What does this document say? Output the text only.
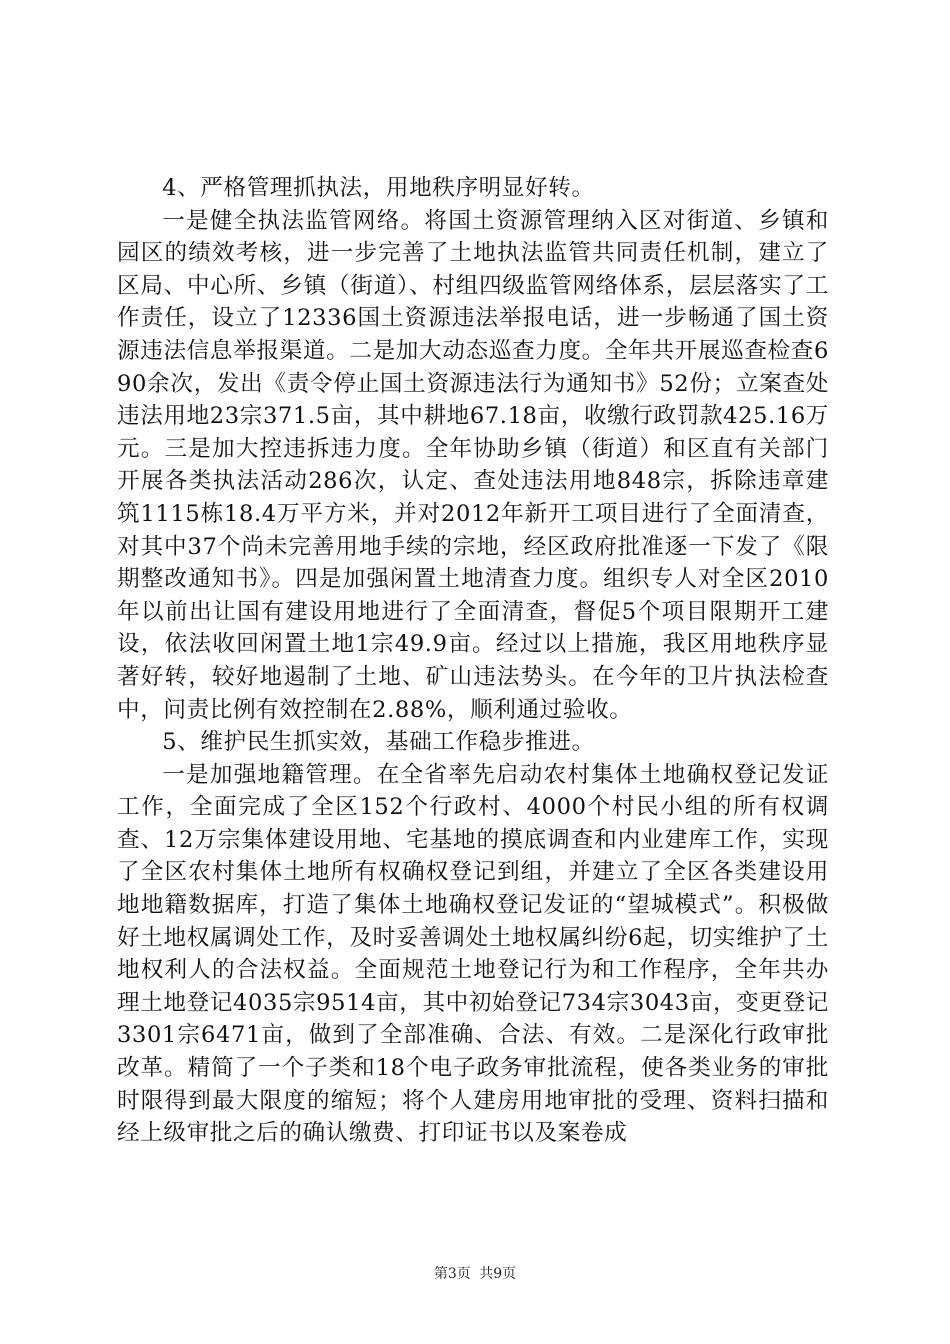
4、严格管理抓执法，用地秩序明显好转。

一是健全执法监管网络。将国土资源管理纳入区对街道、乡镇和园区的绩效考核，进一步完善了土地执法监管共同责任机制，建立了区局、中心所、乡镇（街道）、村组四级监管网络体系，层层落实了工作责任，设立了12336国土资源违法举报电话，进一步畅通了国土资源违法信息举报渠道。二是加大动态巡查力度。全年共开展巡查检查690余次，发出《责令停止国土资源违法行为通知书》52份；立案查处违法用地23宗371.5亩，其中耕地67.18亩，收缴行政罚款425.16万元。三是加大控违拆违力度。全年协助乡镇（街道）和区直有关部门开展各类执法活动286次，认定、查处违法用地848宗，拆除违章建筑1115栋18.4万平方米，并对2012年新开工项目进行了全面清查，对其中37个尚未完善用地手续的宗地，经区政府批准逐一下发了《限期整改通知书》。四是加强闲置土地清查力度。组织专人对全区2010年以前出让国有建设用地进行了全面清查，督促5个项目限期开工建设，依法收回闲置土地1宗49.9亩。经过以上措施，我区用地秩序显著好转，较好地遏制了土地、矿山违法势头。在今年的卫片执法检查中，问责比例有效控制在2.88%，顺利通过验收。

5、维护民生抓实效，基础工作稳步推进。

一是加强地籍管理。在全省率先启动农村集体土地确权登记发证工作，全面完成了全区152个行政村、4000个村民小组的所有权调查、12万宗集体建设用地、宅基地的摸底调查和内业建库工作，实现了全区农村集体土地所有权确权登记到组，并建立了全区各类建设用地地籍数据库，打造了集体土地确权登记发证的“望城模式”。积极做好土地权属调处工作，及时妥善调处土地权属纠纷6起，切实维护了土地权利人的合法权益。全面规范土地登记行为和工作程序，全年共办理土地登记4035宗9514亩，其中初始登记734宗3043亩，变更登记3301宗6471亩，做到了全部准确、合法、有效。二是深化行政审批改革。精简了一个子类和18个电子政务审批流程，使各类业务的审批时限得到最大限度的缩短；将个人建房用地审批的受理、资料扫描和经上级审批之后的确认缴费、打印证书以及案卷成

第3页 共9页
